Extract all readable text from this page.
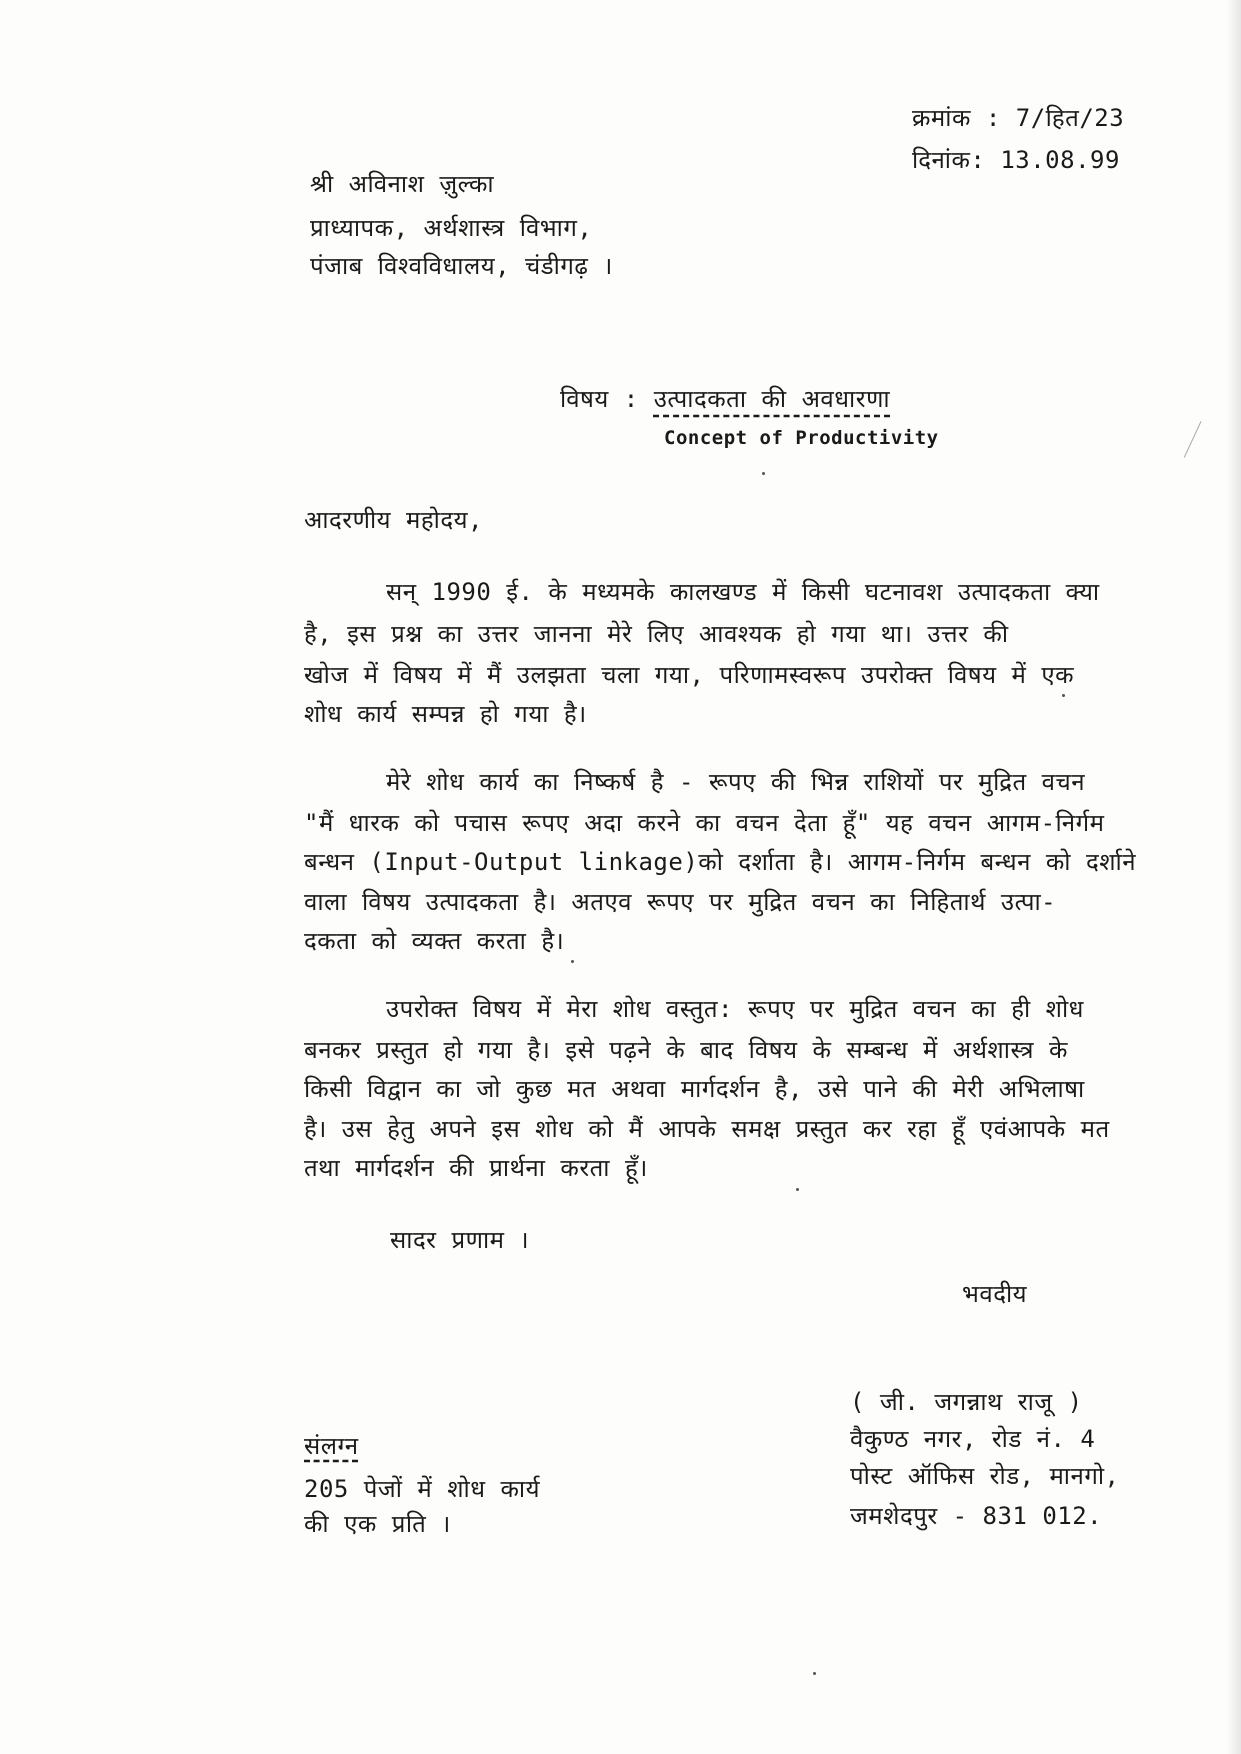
क्रमांक : 7/हित/23
दिनांक: 13.08.99
श्री अविनाश ज़ुल्का
प्राध्यापक, अर्थशास्त्र विभाग,
पंजाब विश्वविधालय, चंडीगढ़ ।
विषय : उत्पादकता की अवधारणा
Concept of Productivity
आदरणीय महोदय,
सन् 1990 ई. के मध्यमके कालखण्ड में किसी घटनावश उत्पादकता क्या
है, इस प्रश्न का उत्तर जानना मेरे लिए आवश्यक हो गया था। उत्तर की
खोज में विषय में मैं उलझता चला गया, परिणामस्वरूप उपरोक्त विषय में एक
शोध कार्य सम्पन्न हो गया है।
मेरे शोध कार्य का निष्कर्ष है - रूपए की भिन्न राशियों पर मुद्रित वचन
"मैं धारक को पचास रूपए अदा करने का वचन देता हूँ" यह वचन आगम-निर्गम
बन्धन (Input-Output linkage)को दर्शाता है। आगम-निर्गम बन्धन को दर्शाने
वाला विषय उत्पादकता है। अतएव रूपए पर मुद्रित वचन का निहितार्थ उत्पा-
दकता को व्यक्त करता है।
उपरोक्त विषय में मेरा शोध वस्तुत: रूपए पर मुद्रित वचन का ही शोध
बनकर प्रस्तुत हो गया है। इसे पढ़ने के बाद विषय के सम्बन्ध में अर्थशास्त्र के
किसी विद्वान का जो कुछ मत अथवा मार्गदर्शन है, उसे पाने की मेरी अभिलाषा
है। उस हेतु अपने इस शोध को मैं आपके समक्ष प्रस्तुत कर रहा हूँ एवंआपके मत
तथा मार्गदर्शन की प्रार्थना करता हूँ।
सादर प्रणाम ।
भवदीय
( जी. जगन्नाथ राजू )
वैकुण्ठ नगर, रोड नं. 4
पोस्ट ऑफिस रोड, मानगो,
जमशेदपुर - 831 012.
संलग्न
205 पेजों में शोध कार्य
की एक प्रति ।
